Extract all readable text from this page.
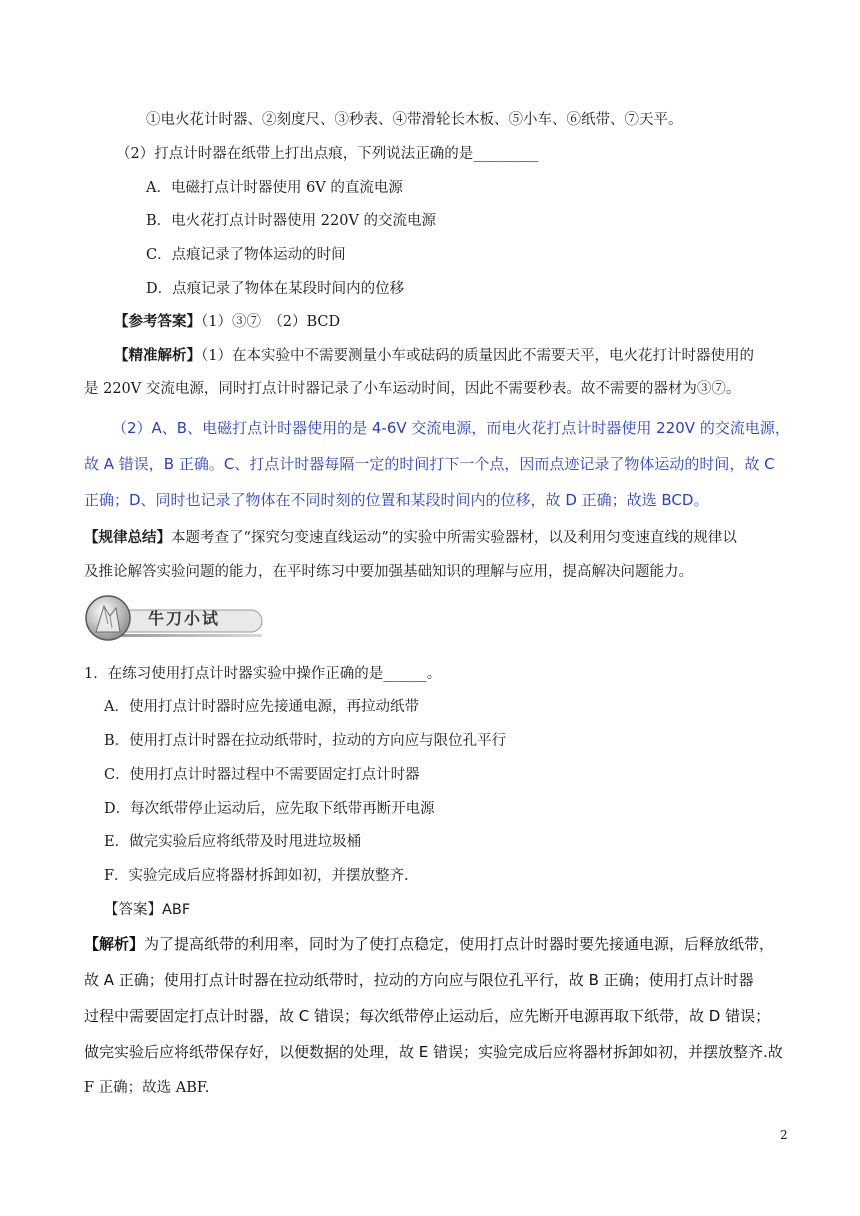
①电火花计时器、②刻度尺、③秒表、④带滑轮长木板、⑤小车、⑥纸带、⑦天平。
（2）打点计时器在纸带上打出点痕，下列说法正确的是_________
A．电磁打点计时器使用 6V 的直流电源
B．电火花打点计时器使用 220V 的交流电源
C．点痕记录了物体运动的时间
D．点痕记录了物体在某段时间内的位移
【参考答案】（1）③⑦　（2）BCD
【精准解析】（1）在本实验中不需要测量小车或砝码的质量因此不需要天平，电火花打计时器使用的
是 220V 交流电源，同时打点计时器记录了小车运动时间，因此不需要秒表。故不需要的器材为③⑦。
（2）A、B、电磁打点计时器使用的是 4-6V 交流电源，而电火花打点计时器使用 220V 的交流电源，
故 A 错误，B 正确。C、打点计时器每隔一定的时间打下一个点，因而点迹记录了物体运动的时间，故 C
正确；D、同时也记录了物体在不同时刻的位置和某段时间内的位移，故 D 正确；故选 BCD。
【规律总结】本题考查了“探究匀变速直线运动”的实验中所需实验器材，以及利用匀变速直线的规律以
及推论解答实验问题的能力，在平时练习中要加强基础知识的理解与应用，提高解决问题能力。
牛刀小试
1．在练习使用打点计时器实验中操作正确的是______。
A．使用打点计时器时应先接通电源，再拉动纸带
B．使用打点计时器在拉动纸带时，拉动的方向应与限位孔平行
C．使用打点计时器过程中不需要固定打点计时器
D．每次纸带停止运动后，应先取下纸带再断开电源
E．做完实验后应将纸带及时甩进垃圾桶
F．实验完成后应将器材拆卸如初，并摆放整齐.
【答案】ABF
【解析】为了提高纸带的利用率，同时为了使打点稳定，使用打点计时器时要先接通电源，后释放纸带，
故 A 正确；使用打点计时器在拉动纸带时，拉动的方向应与限位孔平行，故 B 正确；使用打点计时器
过程中需要固定打点计时器，故 C 错误；每次纸带停止运动后，应先断开电源再取下纸带，故 D 错误；
做完实验后应将纸带保存好，以便数据的处理，故 E 错误；实验完成后应将器材拆卸如初，并摆放整齐.故
F 正确；故选 ABF.
2
